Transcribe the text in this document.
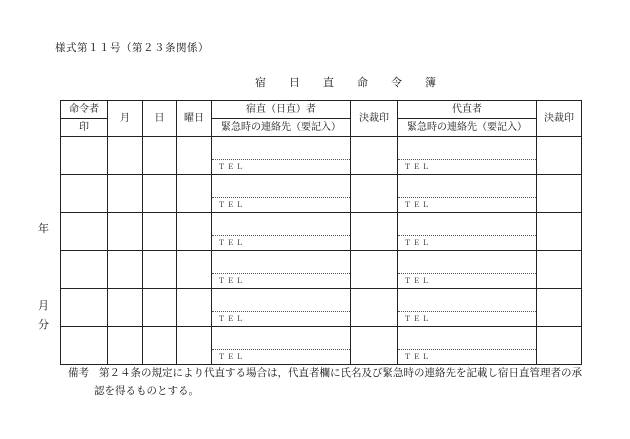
様式第１１号（第２３条関係）
宿　日　直　命　令　簿
年
月
分
命令者	月	日	曜日	宿直（日直）者	決裁印	代直者	決裁印
印				緊急時の連絡先（要記入）		緊急時の連絡先（要記入）	

				ＴＥＬ		ＴＥＬ	

				ＴＥＬ		ＴＥＬ	

				ＴＥＬ		ＴＥＬ	

				ＴＥＬ		ＴＥＬ	

				ＴＥＬ		ＴＥＬ	

				ＴＥＬ		ＴＥＬ	

備考 第２４条の規定により代直する場合は，代直者欄に氏名及び緊急時の連絡先を記載し宿日直管理者の承
認を得るものとする。
